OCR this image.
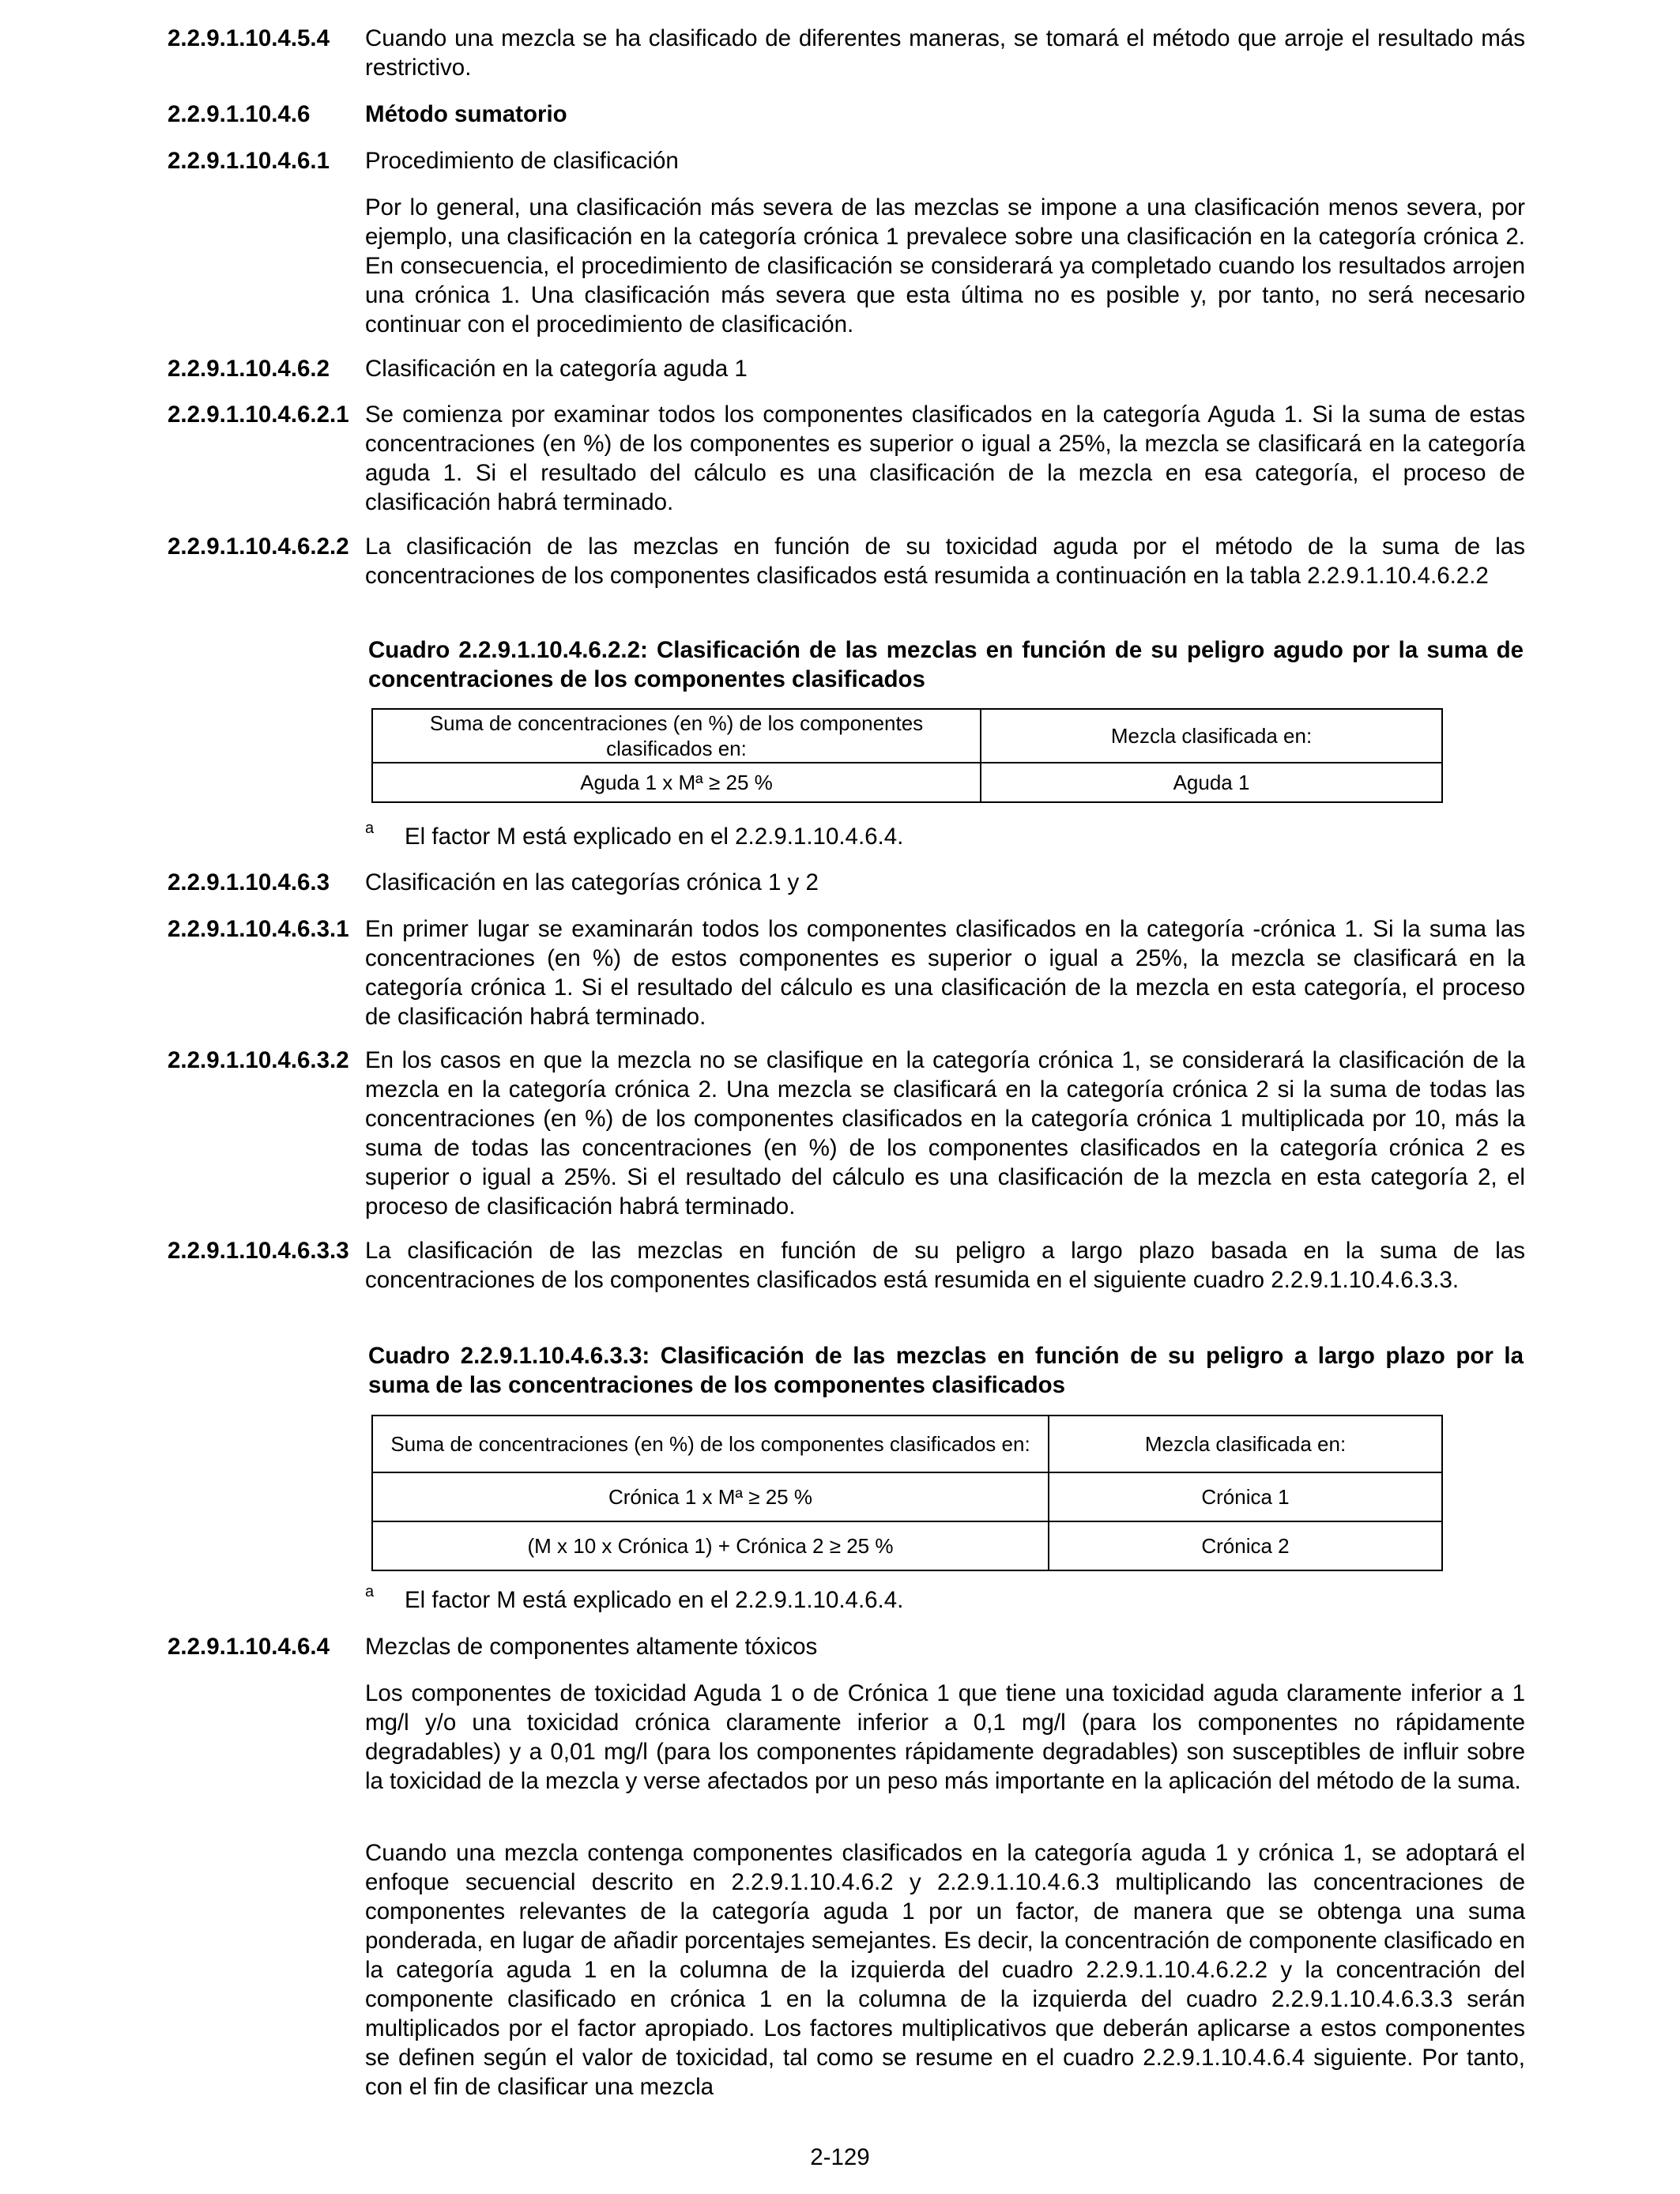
2.2.9.1.10.4.5.4	Cuando una mezcla se ha clasificado de diferentes maneras, se tomará el método que arroje el resultado más restrictivo.
2.2.9.1.10.4.6	Método sumatorio
2.2.9.1.10.4.6.1	Procedimiento de clasificación
Por lo general, una clasificación más severa de las mezclas se impone a una clasificación menos severa, por ejemplo, una clasificación en la categoría crónica 1 prevalece sobre una clasificación en la categoría crónica 2. En consecuencia, el procedimiento de clasificación se considerará ya completado cuando los resultados arrojen una crónica 1. Una clasificación más severa que esta última no es posible y, por tanto, no será necesario continuar con el procedimiento de clasificación.
2.2.9.1.10.4.6.2	Clasificación en la categoría aguda 1
2.2.9.1.10.4.6.2.1 Se comienza por examinar todos los componentes clasificados en la categoría Aguda 1. Si la suma de estas concentraciones (en %) de los componentes es superior o igual a 25%, la mezcla se clasificará en la categoría aguda 1. Si el resultado del cálculo es una clasificación de la mezcla en esa categoría, el proceso de clasificación habrá terminado.
2.2.9.1.10.4.6.2.2 La clasificación de las mezclas en función de su toxicidad aguda por el método de la suma de las concentraciones de los componentes clasificados está resumida a continuación en la tabla 2.2.9.1.10.4.6.2.2
Cuadro 2.2.9.1.10.4.6.2.2: Clasificación de las mezclas en función de su peligro agudo por la suma de concentraciones de los componentes clasificados
Suma de concentraciones (en %) de los componentes clasificados en:	Mezcla clasificada en:
Aguda 1 x Mª ≥ 25 %	Aguda 1
a El factor M está explicado en el 2.2.9.1.10.4.6.4.
2.2.9.1.10.4.6.3	Clasificación en las categorías crónica 1 y 2
2.2.9.1.10.4.6.3.1 En primer lugar se examinarán todos los componentes clasificados en la categoría -crónica 1. Si la suma las concentraciones (en %) de estos componentes es superior o igual a 25%, la mezcla se clasificará en la categoría crónica 1. Si el resultado del cálculo es una clasificación de la mezcla en esta categoría, el proceso de clasificación habrá terminado.
2.2.9.1.10.4.6.3.2 En los casos en que la mezcla no se clasifique en la categoría crónica 1, se considerará la clasificación de la mezcla en la categoría crónica 2. Una mezcla se clasificará en la categoría crónica 2 si la suma de todas las concentraciones (en %) de los componentes clasificados en la categoría crónica 1 multiplicada por 10, más la suma de todas las concentraciones (en %) de los componentes clasificados en la categoría crónica 2 es superior o igual a 25%. Si el resultado del cálculo es una clasificación de la mezcla en esta categoría 2, el proceso de clasificación habrá terminado.
2.2.9.1.10.4.6.3.3 La clasificación de las mezclas en función de su peligro a largo plazo basada en la suma de las concentraciones de los componentes clasificados está resumida en el siguiente cuadro 2.2.9.1.10.4.6.3.3.
Cuadro 2.2.9.1.10.4.6.3.3: Clasificación de las mezclas en función de su peligro a largo plazo por la suma de las concentraciones de los componentes clasificados
Suma de concentraciones (en %) de los componentes clasificados en:	Mezcla clasificada en:
Crónica 1 x Mª ≥ 25 %	Crónica 1
(M x 10 x Crónica 1) + Crónica 2 ≥ 25 %	Crónica 2
a El factor M está explicado en el 2.2.9.1.10.4.6.4.
2.2.9.1.10.4.6.4	Mezclas de componentes altamente tóxicos
Los componentes de toxicidad Aguda 1 o de Crónica 1 que tiene una toxicidad aguda claramente inferior a 1 mg/l y/o una toxicidad crónica claramente inferior a 0,1 mg/l (para los componentes no rápidamente degradables) y a 0,01 mg/l (para los componentes rápidamente degradables) son susceptibles de influir sobre la toxicidad de la mezcla y verse afectados por un peso más importante en la aplicación del método de la suma.
Cuando una mezcla contenga componentes clasificados en la categoría aguda 1 y crónica 1, se adoptará el enfoque secuencial descrito en 2.2.9.1.10.4.6.2 y 2.2.9.1.10.4.6.3 multiplicando las concentraciones de componentes relevantes de la categoría aguda 1 por un factor, de manera que se obtenga una suma ponderada, en lugar de añadir porcentajes semejantes. Es decir, la concentración de componente clasificado en la categoría aguda 1 en la columna de la izquierda del cuadro 2.2.9.1.10.4.6.2.2 y la concentración del componente clasificado en crónica 1 en la columna de la izquierda del cuadro 2.2.9.1.10.4.6.3.3 serán multiplicados por el factor apropiado. Los factores multiplicativos que deberán aplicarse a estos componentes se definen según el valor de toxicidad, tal como se resume en el cuadro 2.2.9.1.10.4.6.4 siguiente. Por tanto, con el fin de clasificar una mezcla
2-129
